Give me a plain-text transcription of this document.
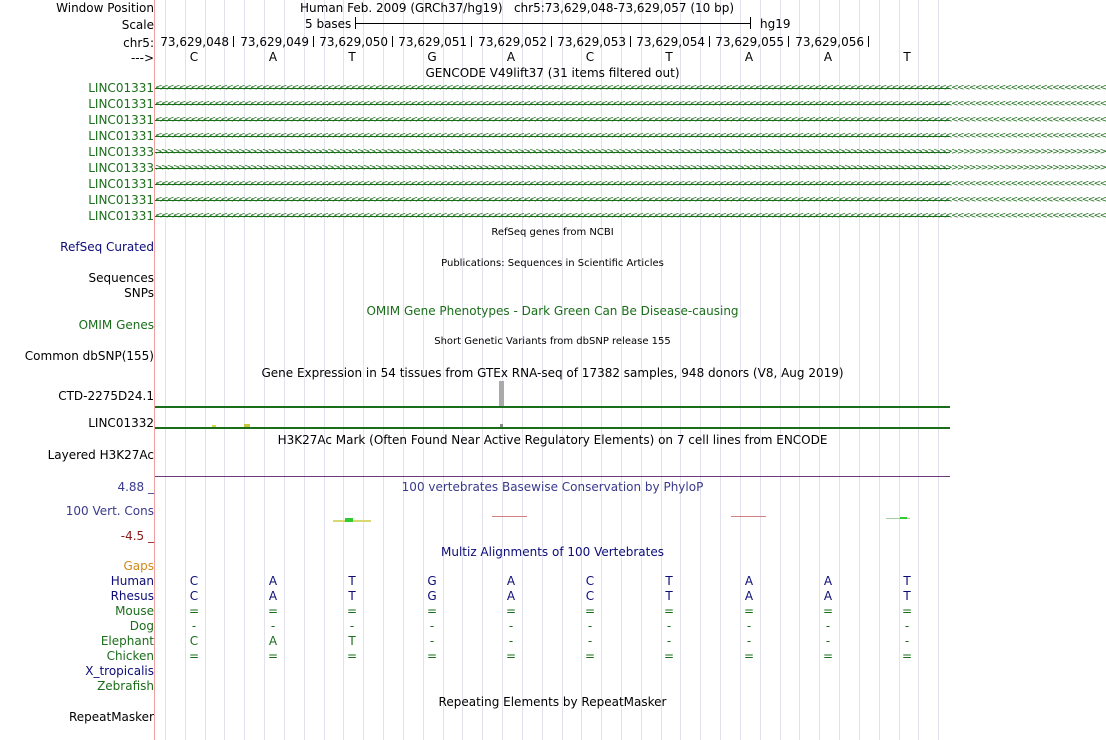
Window Position	Human Feb. 2009 (GRCh37/hg19)   chr5:73,629,048-73,629,057 (10 bp)
Scale	5 bases	hg19
chr5: 73,629,048 73,629,049 73,629,050 73,629,051 73,629,052 73,629,053 73,629,054 73,629,055 73,629,056
--->	C	A	T	G	A	C	T	A	A	T
GENCODE V49lift37 (31 items filtered out)
LINC01331 <<<<<<<<<<<<<<<<<<<<<<<<<<<<<<<<<<<<<<<<<<<<<<<<<<<<<<<<<<<<<<<<<<<<<<<<<<<<<<<<<<<<<<<<<<<<<<<<<<<<<<<<<<<<<<<<<<<<<<<<<<<<<<<<<<<<<<<<<<<<<<<<<<<<<<<<<<<<<<<<
LINC01331 <<<<<<<<<<<<<<<<<<<<<<<<<<<<<<<<<<<<<<<<<<<<<<<<<<<<<<<<<<<<<<<<<<<<<<<<<<<<<<<<<<<<<<<<<<<<<<<<<<<<<<<<<<<<<<<<<<<<<<<<<<<<<<<<<<<<<<<<<<<<<<<<<<<<<<<<<<<<<<<<
LINC01331 <<<<<<<<<<<<<<<<<<<<<<<<<<<<<<<<<<<<<<<<<<<<<<<<<<<<<<<<<<<<<<<<<<<<<<<<<<<<<<<<<<<<<<<<<<<<<<<<<<<<<<<<<<<<<<<<<<<<<<<<<<<<<<<<<<<<<<<<<<<<<<<<<<<<<<<<<<<<<<<<
LINC01331 <<<<<<<<<<<<<<<<<<<<<<<<<<<<<<<<<<<<<<<<<<<<<<<<<<<<<<<<<<<<<<<<<<<<<<<<<<<<<<<<<<<<<<<<<<<<<<<<<<<<<<<<<<<<<<<<<<<<<<<<<<<<<<<<<<<<<<<<<<<<<<<<<<<<<<<<<<<<<<<<
LINC01333 >>>>>>>>>>>>>>>>>>>>>>>>>>>>>>>>>>>>>>>>>>>>>>>>>>>>>>>>>>>>>>>>>>>>>>>>>>>>>>>>>>>>>>>>>>>>>>>>>>>>>>>>>>>>>>>>>>>>>>>>>>>>>>>>>>>>>>>>>>>>>>>>>>>>>>>>>>>>>>>>
LINC01333 >>>>>>>>>>>>>>>>>>>>>>>>>>>>>>>>>>>>>>>>>>>>>>>>>>>>>>>>>>>>>>>>>>>>>>>>>>>>>>>>>>>>>>>>>>>>>>>>>>>>>>>>>>>>>>>>>>>>>>>>>>>>>>>>>>>>>>>>>>>>>>>>>>>>>>>>>>>>>>>>
LINC01331 <<<<<<<<<<<<<<<<<<<<<<<<<<<<<<<<<<<<<<<<<<<<<<<<<<<<<<<<<<<<<<<<<<<<<<<<<<<<<<<<<<<<<<<<<<<<<<<<<<<<<<<<<<<<<<<<<<<<<<<<<<<<<<<<<<<<<<<<<<<<<<<<<<<<<<<<<<<<<<<<
LINC01331 <<<<<<<<<<<<<<<<<<<<<<<<<<<<<<<<<<<<<<<<<<<<<<<<<<<<<<<<<<<<<<<<<<<<<<<<<<<<<<<<<<<<<<<<<<<<<<<<<<<<<<<<<<<<<<<<<<<<<<<<<<<<<<<<<<<<<<<<<<<<<<<<<<<<<<<<<<<<<<<<
LINC01331 <<<<<<<<<<<<<<<<<<<<<<<<<<<<<<<<<<<<<<<<<<<<<<<<<<<<<<<<<<<<<<<<<<<<<<<<<<<<<<<<<<<<<<<<<<<<<<<<<<<<<<<<<<<<<<<<<<<<<<<<<<<<<<<<<<<<<<<<<<<<<<<<<<<<<<<<<<<<<<<<
RefSeq genes from NCBI
RefSeq Curated
Publications: Sequences in Scientific Articles
Sequences
SNPs
OMIM Gene Phenotypes - Dark Green Can Be Disease-causing
OMIM Genes
Short Genetic Variants from dbSNP release 155
Common dbSNP(155)
Gene Expression in 54 tissues from GTEx RNA-seq of 17382 samples, 948 donors (V8, Aug 2019)
CTD-2275D24.1
LINC01332
H3K27Ac Mark (Often Found Near Active Regulatory Elements) on 7 cell lines from ENCODE
Layered H3K27Ac
4.88 _	100 vertebrates Basewise Conservation by PhyloP
100 Vert. Cons
-4.5 _
Multiz Alignments of 100 Vertebrates
Gaps
Human	C	A	T	G	A	C	T	A	A	T
Rhesus	C	A	T	G	A	C	T	A	A	T
Mouse	=	=	=	=	=	=	=	=	=	=
Dog	-	-	-	-	-	-	-	-	-	-
Elephant	C	A	T	-	-	-	-	-	-	-
Chicken	=	=	=	=	=	=	=	=	=	=
X_tropicalis
Zebrafish
Repeating Elements by RepeatMasker
RepeatMasker
